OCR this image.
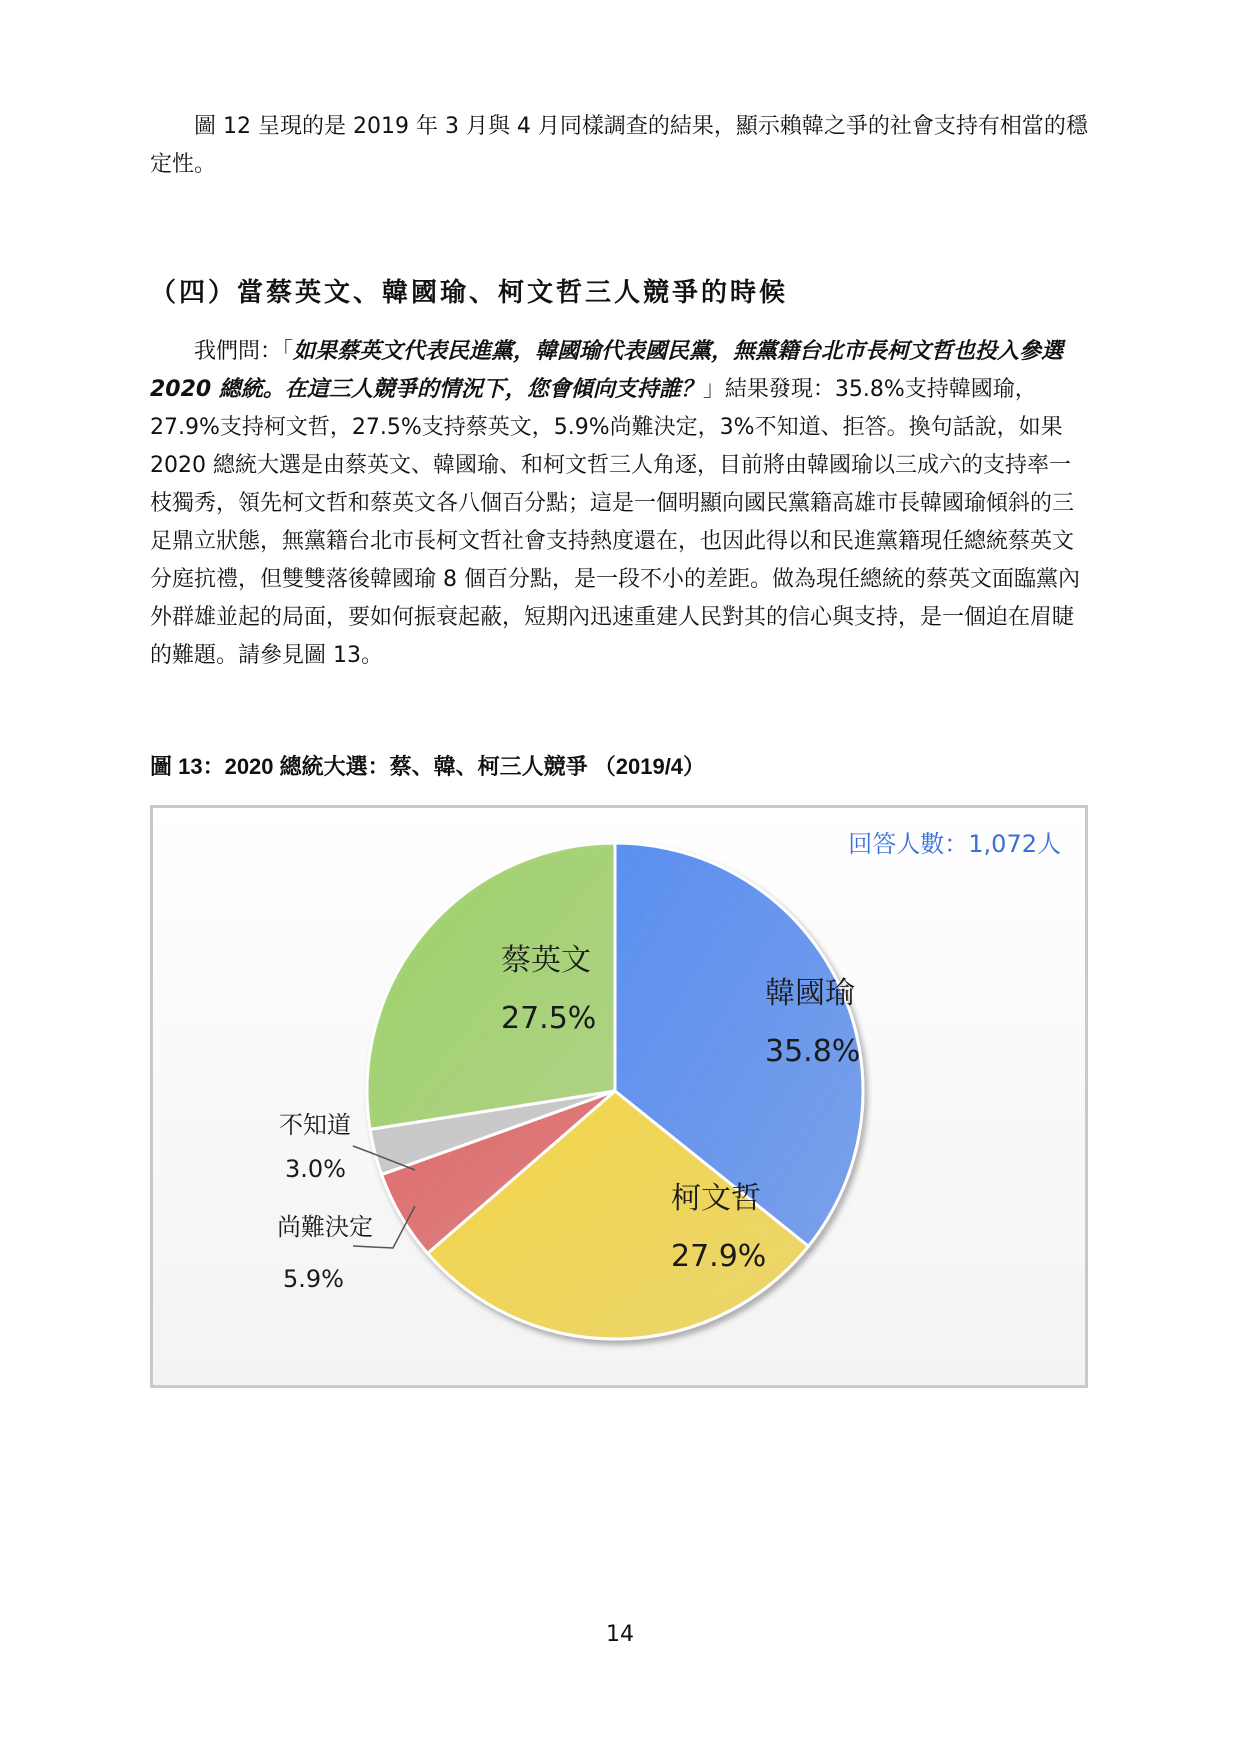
圖 12 呈現的是 2019 年 3 月與 4 月同樣調查的結果，顯示賴韓之爭的社會支持有相當的穩定性。

（四）當蔡英文、韓國瑜、柯文哲三人競爭的時候

我們問：「如果蔡英文代表民進黨，韓國瑜代表國民黨，無黨籍台北市長柯文哲也投入參選 2020 總統。在這三人競爭的情況下，您會傾向支持誰？」結果發現：35.8%支持韓國瑜，27.9%支持柯文哲，27.5%支持蔡英文，5.9%尚難決定，3%不知道、拒答。換句話說，如果 2020 總統大選是由蔡英文、韓國瑜、和柯文哲三人角逐，目前將由韓國瑜以三成六的支持率一枝獨秀，領先柯文哲和蔡英文各八個百分點；這是一個明顯向國民黨籍高雄市長韓國瑜傾斜的三足鼎立狀態，無黨籍台北市長柯文哲社會支持熱度還在，也因此得以和民進黨籍現任總統蔡英文分庭抗禮，但雙雙落後韓國瑜 8 個百分點，是一段不小的差距。做為現任總統的蔡英文面臨黨內外群雄並起的局面，要如何振衰起蔽，短期內迅速重建人民對其的信心與支持，是一個迫在眉睫的難題。請參見圖 13。

圖 13：2020 總統大選：蔡、韓、柯三人競爭 （2019/4）

韓國瑜
35.8%
柯文哲
27.9%
尚難決定
5.9%
不知道
3.0%
蔡英文
27.5%
回答人數：1,072人
14
